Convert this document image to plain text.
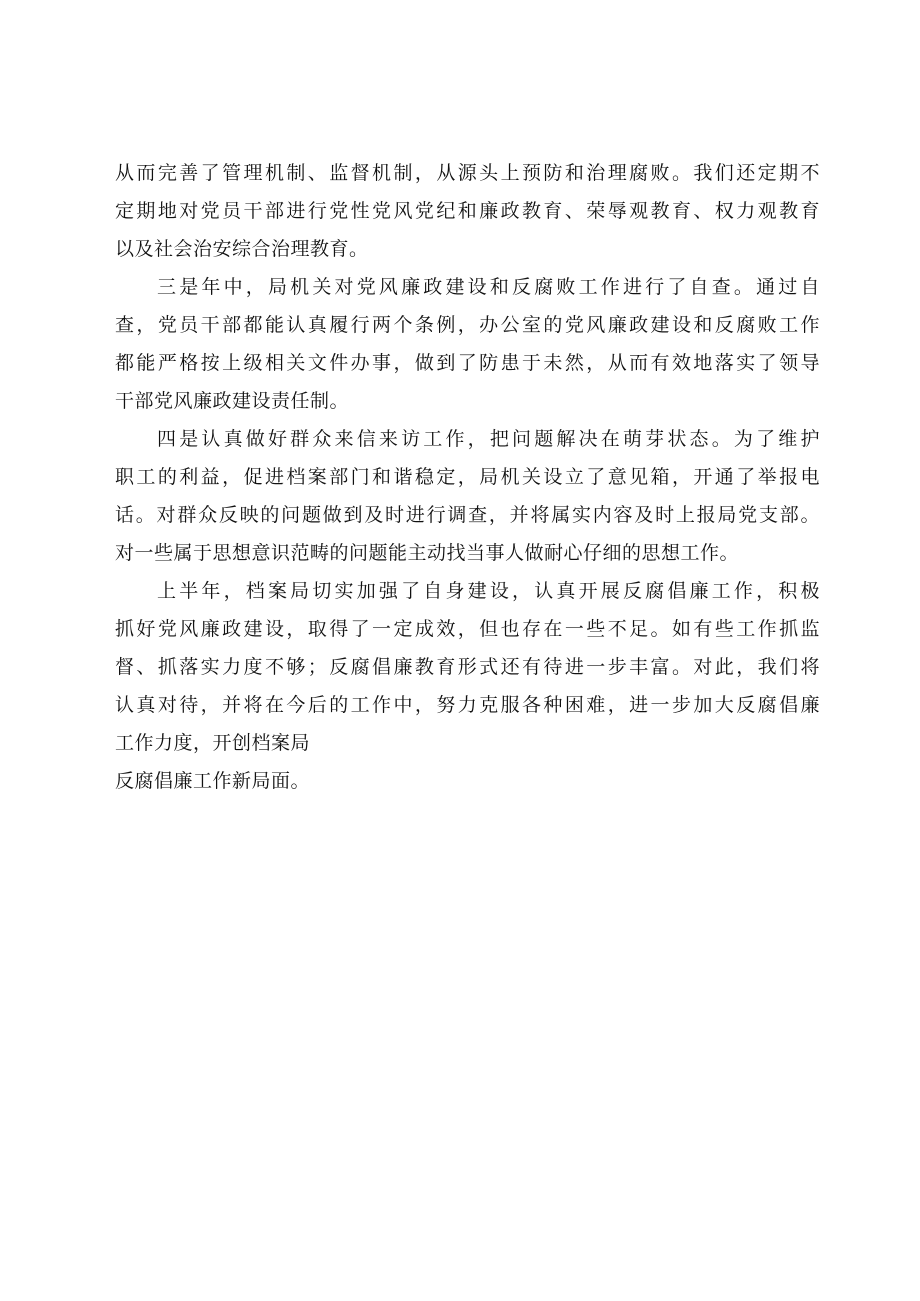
从而完善了管理机制、监督机制，从源头上预防和治理腐败。我们还定期不
定期地对党员干部进行党性党风党纪和廉政教育、荣辱观教育、权力观教育
以及社会治安综合治理教育。
三是年中，局机关对党风廉政建设和反腐败工作进行了自查。通过自
查，党员干部都能认真履行两个条例，办公室的党风廉政建设和反腐败工作
都能严格按上级相关文件办事，做到了防患于未然，从而有效地落实了领导
干部党风廉政建设责任制。
四是认真做好群众来信来访工作，把问题解决在萌芽状态。为了维护
职工的利益，促进档案部门和谐稳定，局机关设立了意见箱，开通了举报电
话。对群众反映的问题做到及时进行调查，并将属实内容及时上报局党支部。
对一些属于思想意识范畴的问题能主动找当事人做耐心仔细的思想工作。
上半年，档案局切实加强了自身建设，认真开展反腐倡廉工作，积极
抓好党风廉政建设，取得了一定成效，但也存在一些不足。如有些工作抓监
督、抓落实力度不够；反腐倡廉教育形式还有待进一步丰富。对此，我们将
认真对待，并将在今后的工作中，努力克服各种困难，进一步加大反腐倡廉
工作力度，开创档案局
反腐倡廉工作新局面。
